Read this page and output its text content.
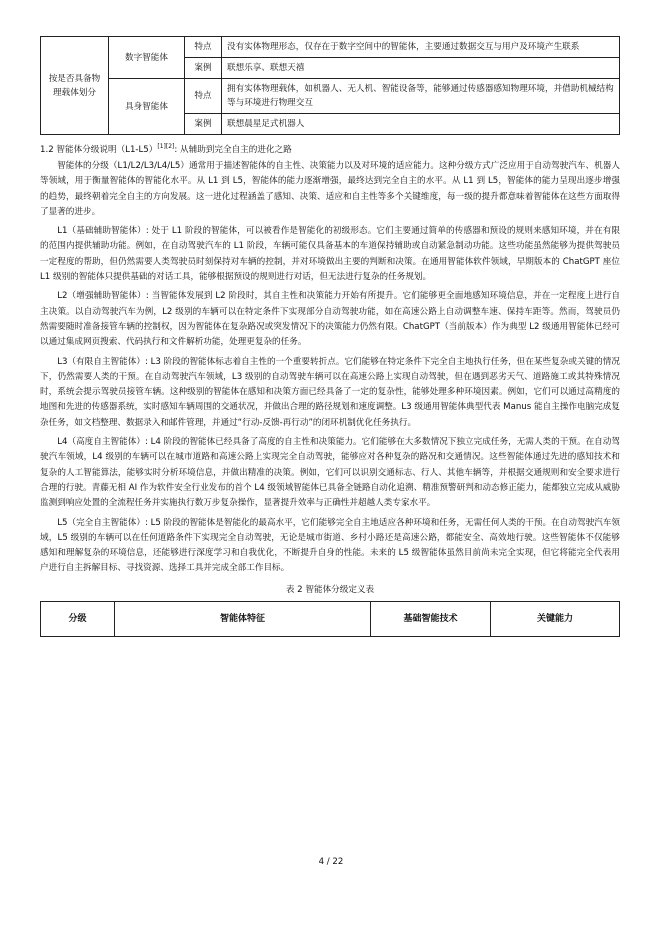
按是否具备物理载体划分	数字智能体	特点	没有实体物理形态，仅存在于数字空间中的智能体，主要通过数据交互与用户及环境产生联系
		案例	联想乐享、联想天禧
	具身智能体	特点	拥有实体物理载体，如机器人、无人机、智能设备等，能够通过传感器感知物理环境，并借助机械结构等与环境进行物理交互
		案例	联想晨星足式机器人
1.2 智能体分级说明（L1-L5）[1][2]: 从辅助到完全自主的进化之路

智能体的分级（L1/L2/L3/L4/L5）通常用于描述智能体的自主性、决策能力以及对环境的适应能力。这种分级方式广泛应用于自动驾驶汽车、机器人等领域，用于衡量智能体的智能化水平。从 L1 到 L5，智能体的能力逐渐增强，最终达到完全自主的水平。从 L1 到 L5，智能体的能力呈现出逐步增强的趋势，最终朝着完全自主的方向发展。这一进化过程涵盖了感知、决策、适应和自主性等多个关键维度，每一级的提升都意味着智能体在这些方面取得了显著的进步。

L1（基础辅助智能体）: 处于 L1 阶段的智能体，可以被看作是智能化的初级形态。它们主要通过简单的传感器和预设的规则来感知环境，并在有限的范围内提供辅助功能。例如，在自动驾驶汽车的 L1 阶段，车辆可能仅具备基本的车道保持辅助或自动紧急制动功能。这些功能虽然能够为提供驾驶员一定程度的帮助，但仍然需要人类驾驶员时刻保持对车辆的控制，并对环境做出主要的判断和决策。在通用智能体软件领域，早期版本的 ChatGPT 座位 L1 级别的智能体只提供基础的对话工具，能够根据预设的规则进行对话，但无法进行复杂的任务规划。

L2（增强辅助智能体）: 当智能体发展到 L2 阶段时，其自主性和决策能力开始有所提升。它们能够更全面地感知环境信息，并在一定程度上进行自主决策。以自动驾驶汽车为例，L2 级别的车辆可以在特定条件下实现部分自动驾驶功能，如在高速公路上自动调整车速、保持车距等。然而，驾驶员仍然需要随时准备接管车辆的控制权，因为智能体在复杂路况或突发情况下的决策能力仍然有限。ChatGPT（当前版本）作为典型 L2 级通用智能体已经可以通过集成网页搜索、代码执行和文件解析功能，处理更复杂的任务。

L3（有限自主智能体）: L3 阶段的智能体标志着自主性的一个重要转折点。它们能够在特定条件下完全自主地执行任务，但在某些复杂或关键的情况下，仍然需要人类的干预。在自动驾驶汽车领域，L3 级别的自动驾驶车辆可以在高速公路上实现自动驾驶，但在遇到恶劣天气、道路施工或其特殊情况时，系统会提示驾驶员接管车辆。这种级别的智能体在感知和决策方面已经具备了一定的复杂性，能够处理多种环境因素。例如，它们可以通过高精度的地图和先进的传感器系统，实时感知车辆周围的交通状况，并做出合理的路径规划和速度调整。L3 级通用智能体典型代表 Manus 能自主操作电脑完成复杂任务，如文档整理、数据录入和邮件管理，并通过“行动-反馈-再行动”的闭环机制优化任务执行。

L4（高度自主智能体）: L4 阶段的智能体已经具备了高度的自主性和决策能力。它们能够在大多数情况下独立完成任务，无需人类的干预。在自动驾驶汽车领域，L4 级别的车辆可以在城市道路和高速公路上实现完全自动驾驶，能够应对各种复杂的路况和交通情况。这些智能体通过先进的感知技术和复杂的人工智能算法，能够实时分析环境信息，并做出精准的决策。例如，它们可以识别交通标志、行人、其他车辆等，并根据交通规则和安全要求进行合理的行驶。青藤无相 AI 作为软件安全行业发布的首个 L4 级领域智能体已具备全链路自动化追溯、精准预警研判和动态修正能力，能都独立完成从威胁监测到响应处置的全流程任务并实施执行数万步复杂操作，显著提升效率与正确性并超越人类专家水平。

L5（完全自主智能体）: L5 阶段的智能体是智能化的最高水平，它们能够完全自主地适应各种环境和任务，无需任何人类的干预。在自动驾驶汽车领域，L5 级别的车辆可以在任何道路条件下实现完全自动驾驶，无论是城市街道、乡村小路还是高速公路，都能安全、高效地行驶。这些智能体不仅能够感知和理解复杂的环境信息，还能够进行深度学习和自我优化，不断提升自身的性能。未来的 L5 级智能体虽然目前尚未完全实现，但它将能完全代表用户进行自主拆解目标、寻找资源、选择工具并完成全部工作目标。

表 2 智能体分级定义表
分级	智能体特征	基础智能技术	关键能力
4 / 22
